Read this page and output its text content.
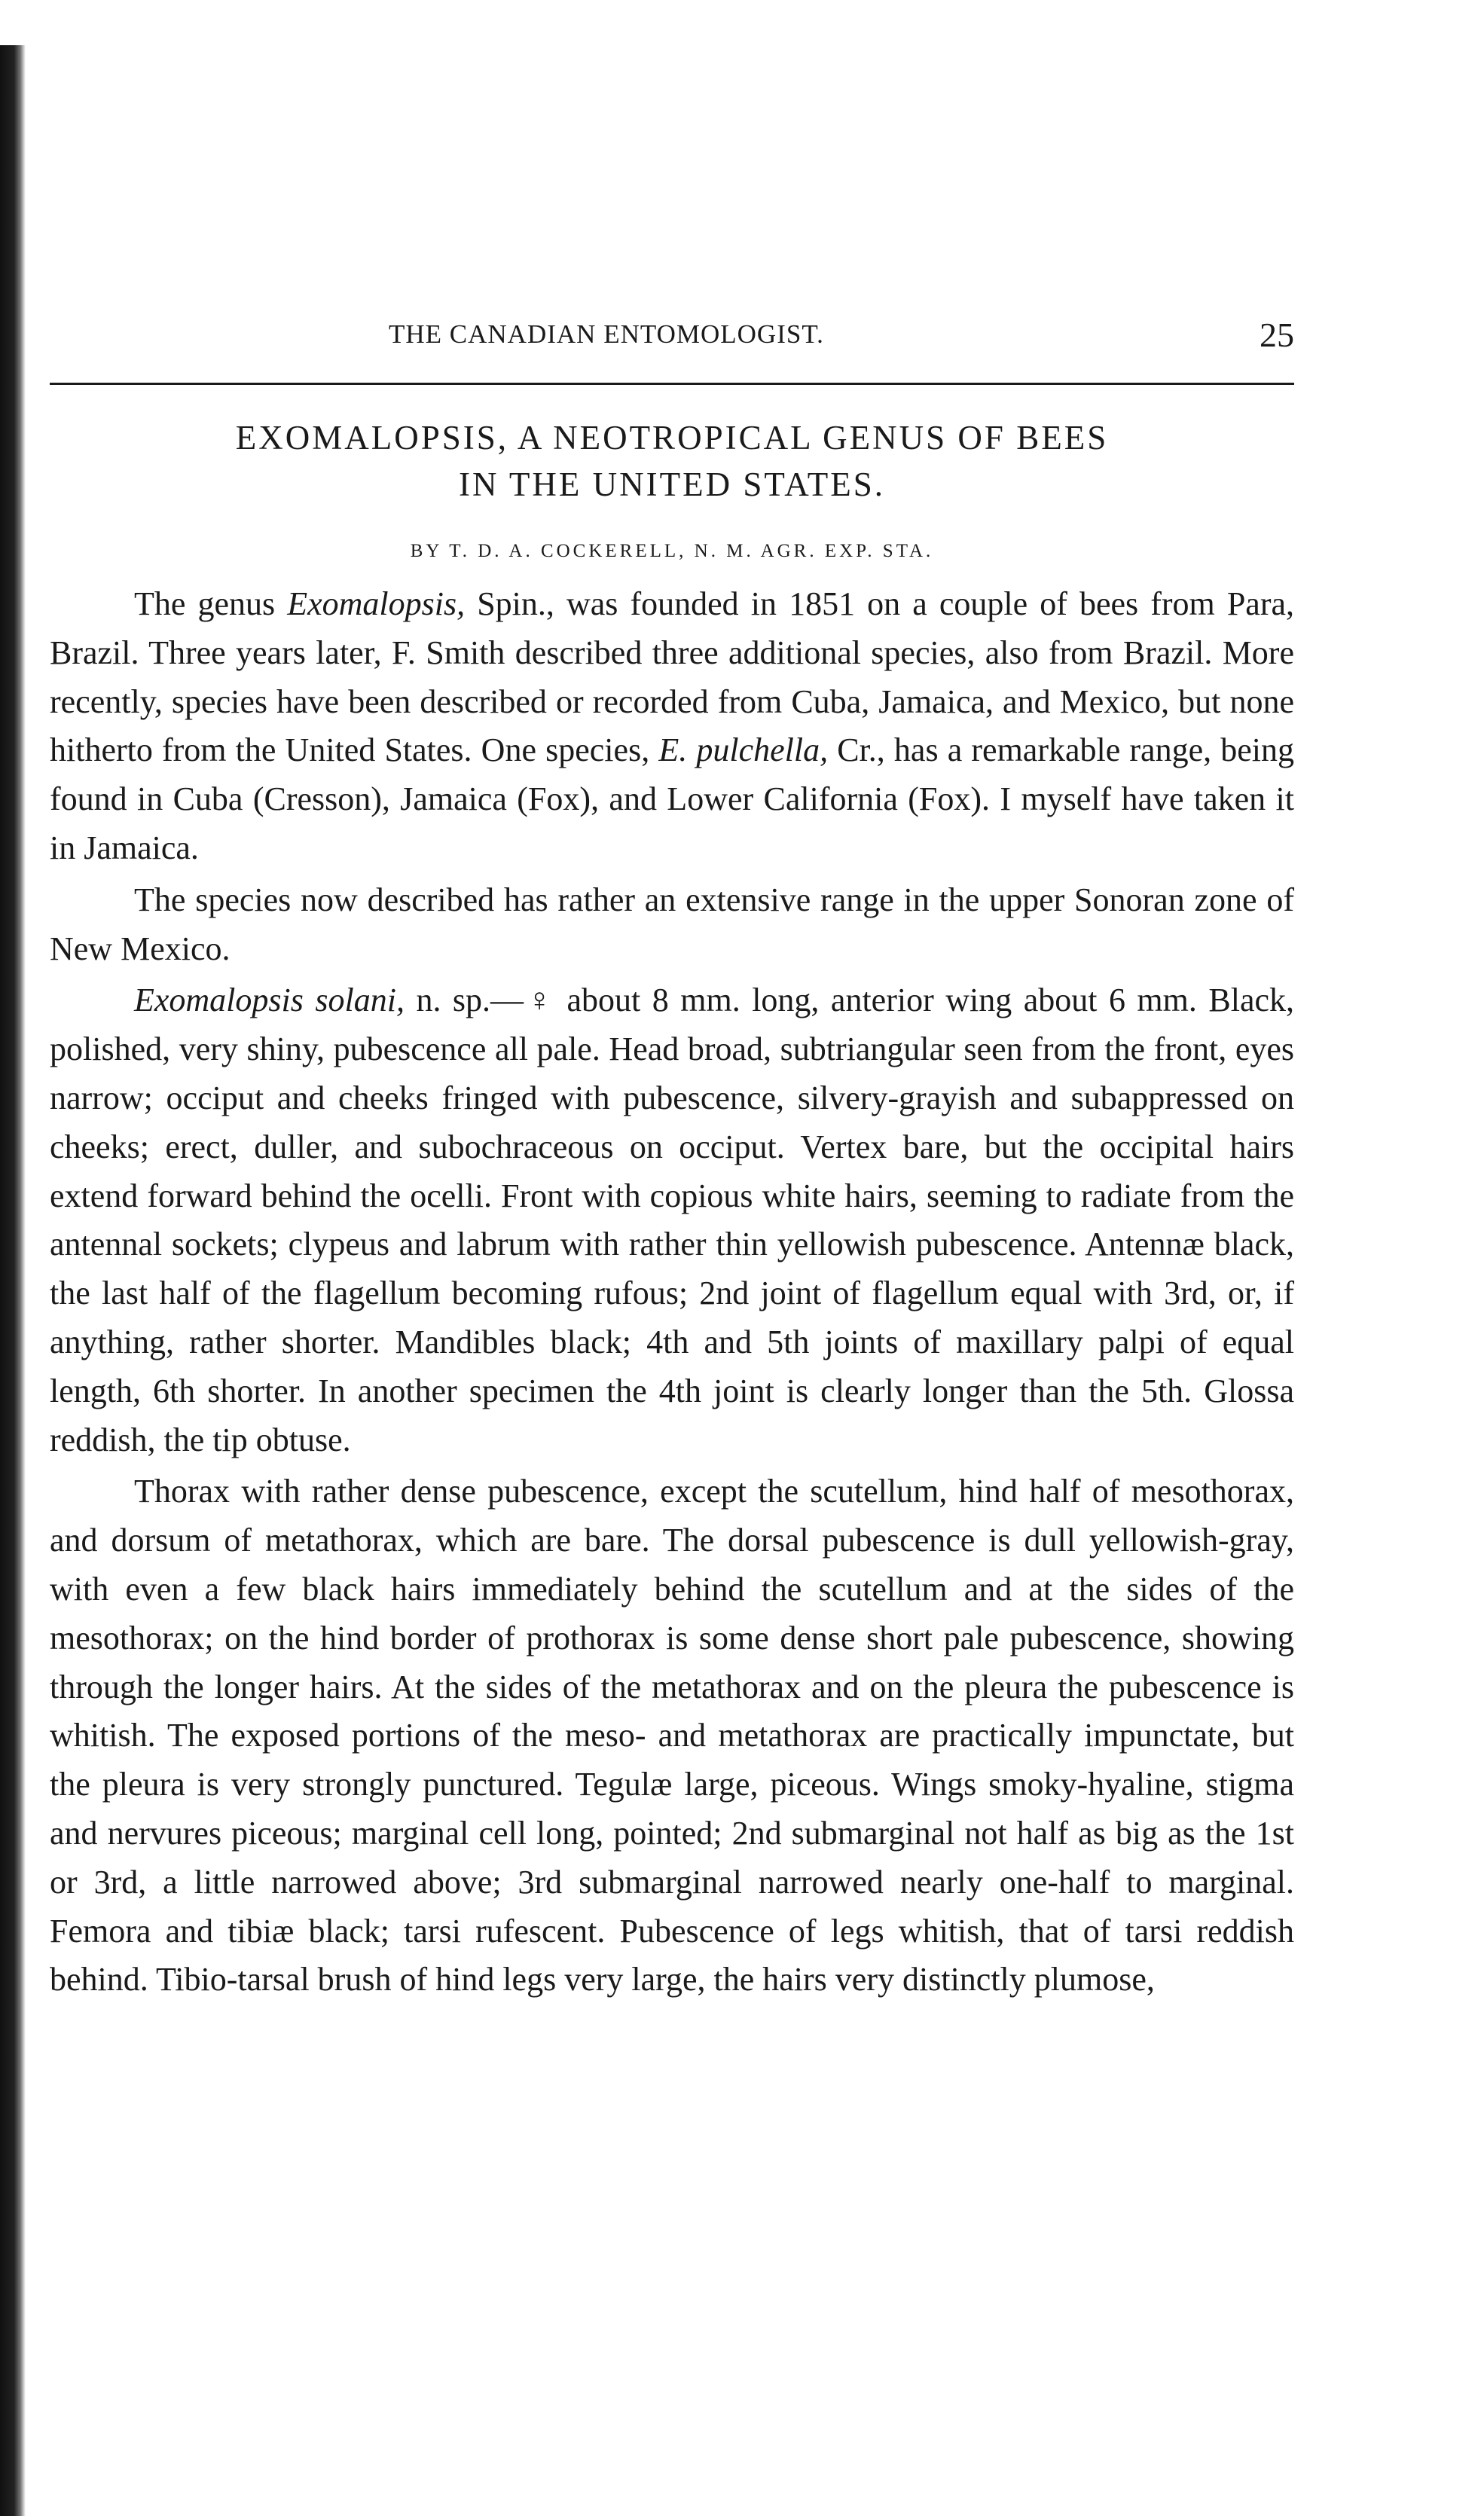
THE CANADIAN ENTOMOLOGIST.	25
EXOMALOPSIS, A NEOTROPICAL GENUS OF BEES
IN THE UNITED STATES.
BY T. D. A. COCKERELL, N. M. AGR. EXP. STA.

The genus Exomalopsis, Spin., was founded in 1851 on a couple of bees from Para, Brazil. Three years later, F. Smith described three additional species, also from Brazil. More recently, species have been described or recorded from Cuba, Jamaica, and Mexico, but none hitherto from the United States. One species, E. pulchella, Cr., has a remarkable range, being found in Cuba (Cresson), Jamaica (Fox), and Lower California (Fox). I myself have taken it in Jamaica.

The species now described has rather an extensive range in the upper Sonoran zone of New Mexico.

Exomalopsis solani, n. sp.—♀ about 8 mm. long, anterior wing about 6 mm. Black, polished, very shiny, pubescence all pale. Head broad, subtriangular seen from the front, eyes narrow; occiput and cheeks fringed with pubescence, silvery-grayish and subappressed on cheeks; erect, duller, and subochraceous on occiput. Vertex bare, but the occipital hairs extend forward behind the ocelli. Front with copious white hairs, seeming to radiate from the antennal sockets; clypeus and labrum with rather thin yellowish pubescence. Antennæ black, the last half of the flagellum becoming rufous; 2nd joint of flagellum equal with 3rd, or, if anything, rather shorter. Mandibles black; 4th and 5th joints of maxillary palpi of equal length, 6th shorter. In another specimen the 4th joint is clearly longer than the 5th. Glossa reddish, the tip obtuse.

Thorax with rather dense pubescence, except the scutellum, hind half of mesothorax, and dorsum of metathorax, which are bare. The dorsal pubescence is dull yellowish-gray, with even a few black hairs immediately behind the scutellum and at the sides of the mesothorax; on the hind border of prothorax is some dense short pale pubescence, showing through the longer hairs. At the sides of the metathorax and on the pleura the pubescence is whitish. The exposed portions of the meso- and metathorax are practically impunctate, but the pleura is very strongly punctured. Tegulæ large, piceous. Wings smoky-hyaline, stigma and nervures piceous; marginal cell long, pointed; 2nd submarginal not half as big as the 1st or 3rd, a little narrowed above; 3rd submarginal narrowed nearly one-half to marginal. Femora and tibiæ black; tarsi rufescent. Pubescence of legs whitish, that of tarsi reddish behind. Tibio-tarsal brush of hind legs very large, the hairs very distinctly plumose,
